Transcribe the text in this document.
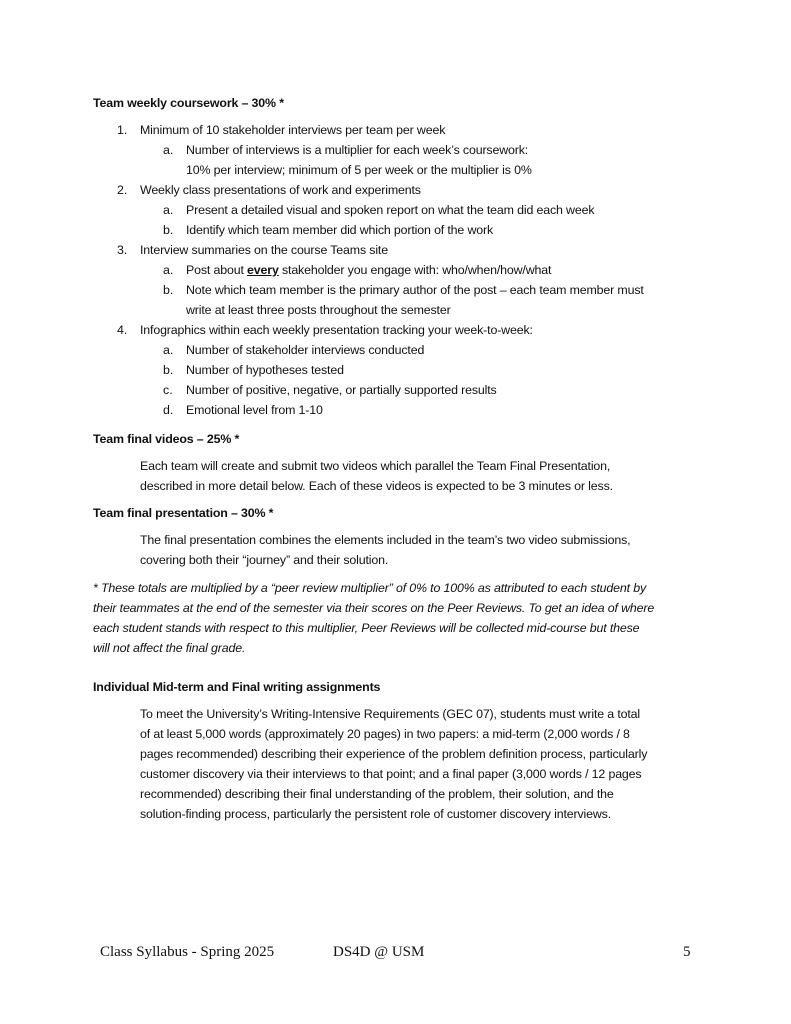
Team weekly coursework – 30% *
1. Minimum of 10 stakeholder interviews per team per week
a. Number of interviews is a multiplier for each week’s coursework:
10% per interview; minimum of 5 per week or the multiplier is 0%
2. Weekly class presentations of work and experiments
a. Present a detailed visual and spoken report on what the team did each week
b. Identify which team member did which portion of the work
3. Interview summaries on the course Teams site
a. Post about every stakeholder you engage with: who/when/how/what
b. Note which team member is the primary author of the post – each team member must
write at least three posts throughout the semester
4. Infographics within each weekly presentation tracking your week-to-week:
a. Number of stakeholder interviews conducted
b. Number of hypotheses tested
c. Number of positive, negative, or partially supported results
d. Emotional level from 1-10
Team final videos – 25% *
Each team will create and submit two videos which parallel the Team Final Presentation,
described in more detail below. Each of these videos is expected to be 3 minutes or less.
Team final presentation – 30% *
The final presentation combines the elements included in the team’s two video submissions,
covering both their “journey” and their solution.
* These totals are multiplied by a “peer review multiplier” of 0% to 100% as attributed to each student by
their teammates at the end of the semester via their scores on the Peer Reviews. To get an idea of where
each student stands with respect to this multiplier, Peer Reviews will be collected mid-course but these
will not affect the final grade.
Individual Mid-term and Final writing assignments
To meet the University’s Writing-Intensive Requirements (GEC 07), students must write a total
of at least 5,000 words (approximately 20 pages) in two papers: a mid-term (2,000 words / 8
pages recommended) describing their experience of the problem definition process, particularly
customer discovery via their interviews to that point; and a final paper (3,000 words / 12 pages
recommended) describing their final understanding of the problem, their solution, and the
solution-finding process, particularly the persistent role of customer discovery interviews.
Class Syllabus - Spring 2025	DS4D @ USM	5
